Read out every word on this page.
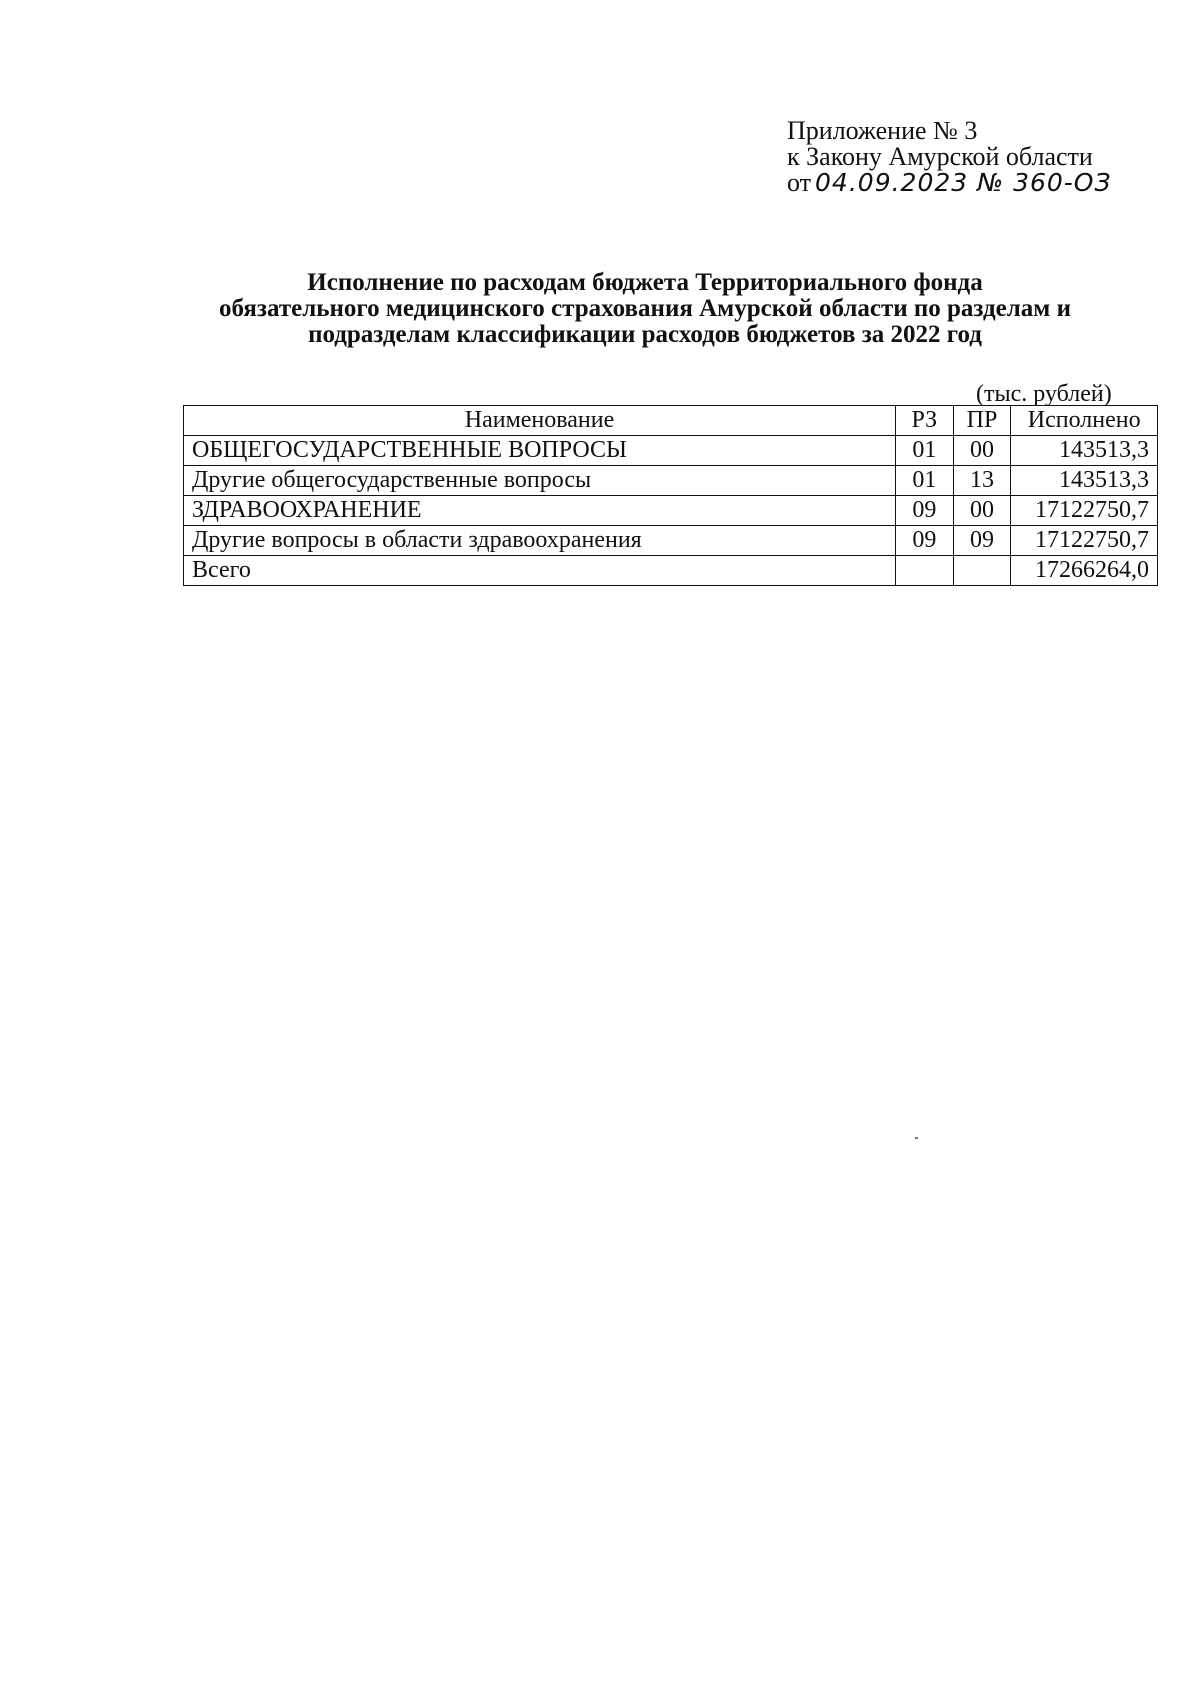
Приложение № 3
к Закону Амурской области
от 04.09.2023 № 360-ОЗ
Исполнение по расходам бюджета Территориального фонда
обязательного медицинского страхования Амурской области по разделам и
подразделам классификации расходов бюджетов за 2022 год
(тыс. рублей)
Наименование	РЗ	ПР	Исполнено
ОБЩЕГОСУДАРСТВЕННЫЕ ВОПРОСЫ	01	00	143513,3
Другие общегосударственные вопросы	01	13	143513,3
ЗДРАВООХРАНЕНИЕ	09	00	17122750,7
Другие вопросы в области здравоохранения	09	09	17122750,7
Всего			17266264,0
